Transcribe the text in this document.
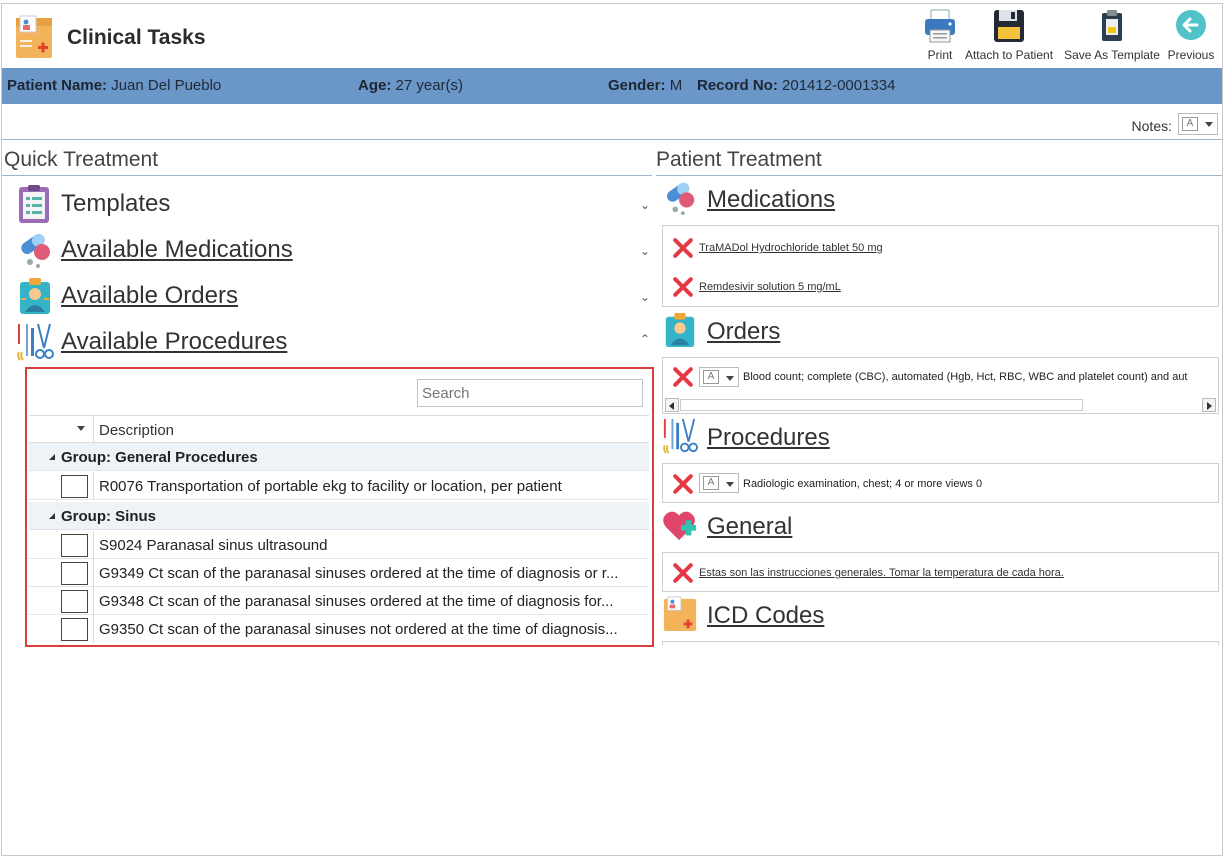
Clinical Tasks
Print	Attach to Patient Save As Template Previous
Patient Name: Juan Del Pueblo	Age: 27 year(s)	Gender: M Record No: 201412-0001334
Notes:	A
Quick Treatment	Patient Treatment
Templates	⌄
Available Medications	⌄
Available Orders	⌄
Available Procedures	⌃
Search
Description
Group: General Procedures
R0076 Transportation of portable ekg to facility or location, per patient
Group: Sinus
S9024 Paranasal sinus ultrasound
G9349 Ct scan of the paranasal sinuses ordered at the time of diagnosis or r...
G9348 Ct scan of the paranasal sinuses ordered at the time of diagnosis for...
G9350 Ct scan of the paranasal sinuses not ordered at the time of diagnosis...
Medications
TraMADol Hydrochloride tablet 50 mg
Remdesivir solution 5 mg/mL
Orders
A	Blood count; complete (CBC), automated (Hgb, Hct, RBC, WBC and platelet count) and aut
Procedures
A	Radiologic examination, chest; 4 or more views 0
General
Estas son las instrucciones generales. Tomar la temperatura de cada hora.
ICD Codes
